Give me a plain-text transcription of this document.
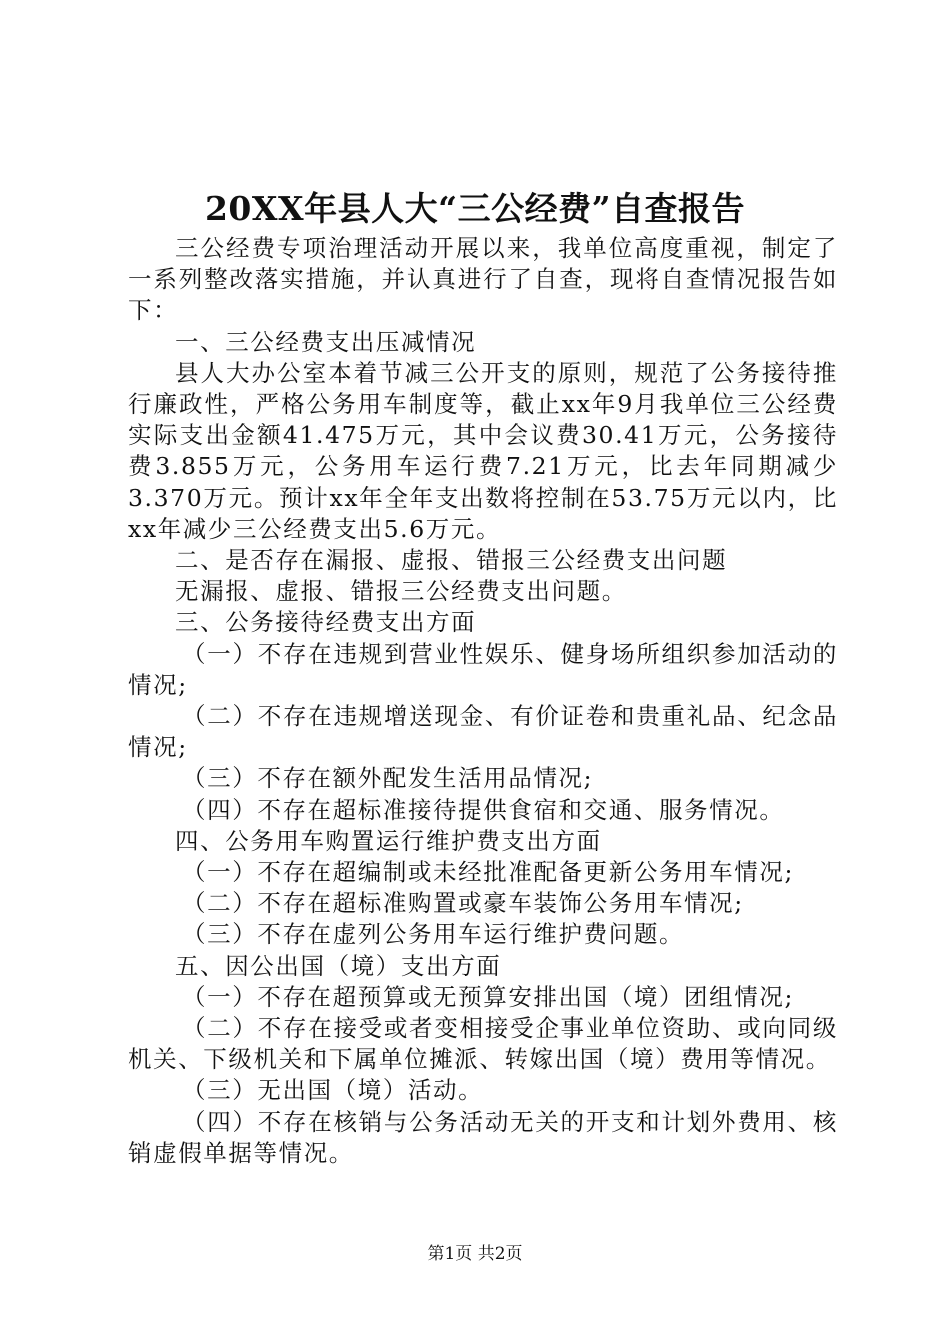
20XX年县人大“三公经费”自查报告

三公经费专项治理活动开展以来，我单位高度重视，制定了一系列整改落实措施，并认真进行了自查，现将自查情况报告如下：

一、三公经费支出压减情况

县人大办公室本着节减三公开支的原则，规范了公务接待推行廉政性，严格公务用车制度等，截止xx年9月我单位三公经费实际支出金额41.475万元，其中会议费30.41万元，公务接待费3.855万元，公务用车运行费7.21万元，比去年同期减少3.370万元。预计xx年全年支出数将控制在53.75万元以内，比xx年减少三公经费支出5.6万元。

二、是否存在漏报、虚报、错报三公经费支出问题

无漏报、虚报、错报三公经费支出问题。

三、公务接待经费支出方面

（一）不存在违规到营业性娱乐、健身场所组织参加活动的情况;

（二）不存在违规增送现金、有价证卷和贵重礼品、纪念品情况;

（三）不存在额外配发生活用品情况;

（四）不存在超标准接待提供食宿和交通、服务情况。

四、公务用车购置运行维护费支出方面

（一）不存在超编制或未经批准配备更新公务用车情况;

（二）不存在超标准购置或豪车装饰公务用车情况;

（三）不存在虚列公务用车运行维护费问题。

五、因公出国（境）支出方面

（一）不存在超预算或无预算安排出国（境）团组情况;

（二）不存在接受或者变相接受企事业单位资助、或向同级机关、下级机关和下属单位摊派、转嫁出国（境）费用等情况。

（三）无出国（境）活动。

（四）不存在核销与公务活动无关的开支和计划外费用、核销虚假单据等情况。

第1页 共2页
